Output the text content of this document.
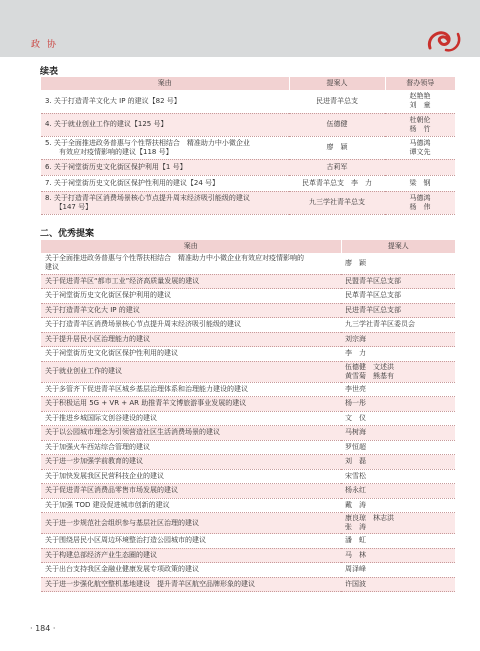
政 协
续表
案由	提案人	督办领导
3. 关于打造青羊文化大 IP 的建议【82 号】	民进青羊总支	赵艳艳
刘　童
4. 关于就业创业工作的建议【125 号】	伍德健	杜朝伦
杨　竹
5. 关于全面推进政务普惠与个性帮扶相结合　精准助力中小微企业
　　有效应对疫情影响的建议【118 号】	廖　颖	马德鸿
谭文先
6. 关于祠堂街历史文化街区保护利用【1 号】	古莉军	
7. 关于祠堂街历史文化街区保护性利用的建议【24 号】	民革青羊总支　李　力	梁　钢
8. 关于打造青羊区消费场景核心节点提升周末经济吸引能级的建议
　　【147 号】	九三学社青羊总支	马德鸿
杨　伟
二、优秀提案
案由	提案人
关于全面推进政务普惠与个性帮扶相结合　精准助力中小微企业有效应对疫情影响的
建议	廖　颖
关于促进青羊区“都市工业”经济高质量发展的建议	民盟青羊区总支部
关于祠堂街历史文化街区保护利用的建议	民革青羊区总支部
关于打造青羊文化大 IP 的建议	民进青羊区总支部
关于打造青羊区消费场景核心节点提升周末经济吸引能级的建议	九三学社青羊区委员会
关于提升居民小区治理能力的建议	刘宗海
关于祠堂街历史文化街区保护性利用的建议	李　力
关于就业创业工作的建议	伍德健　文述洪
黄雪菊　熊基有
关于多管齐下促进青羊区城乡基层治理体系和治理能力建设的建议	李世亮
关于积极运用 5G + VR + AR 助推青羊文博旅游事业发展的建议	杨一彤
关于推进乡城国际文创谷建设的建议	文　仪
关于以公园城市理念为引领营造社区生活消费场景的建议	马树海
关于加强火车西站综合管理的建议	罗恒超
关于进一步加强学前教育的建议	刘　磊
关于加快发展我区民营科技企业的建议	宋雪松
关于促进青羊区消费品零售市场发展的建议	杨永红
关于加强 TOD 建设促进城市创新的建议	戴　涛
关于进一步规范社会组织参与基层社区治理的建议	康良琼　林志洪
张　涛
关于围绕居民小区周边环境整治打造公园城市的建议	潘　虹
关于构建总部经济产业生态圈的建议	马　林
关于出台支持我区金融业健康发展专项政策的建议	周泽峰
关于进一步强化航空整机基地建设　提升青羊区航空品牌形象的建议	许国波
· 184 ·
